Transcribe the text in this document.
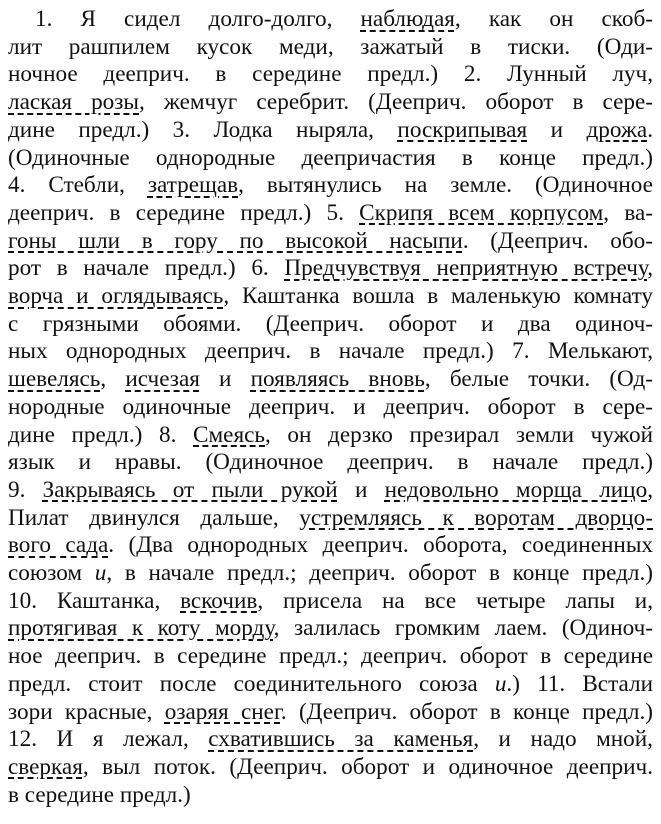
1. Я сидел долго-долго, наблюдая, как он скоб-

лит рашпилем кусок меди, зажатый в тиски. (Оди-

ночное дееприч. в середине предл.) 2. Лунный луч,

лаская розы, жемчуг серебрит. (Дееприч. оборот в сере-

дине предл.) 3. Лодка ныряла, поскрипывая и дрожа.

(Одиночные однородные деепричастия в конце предл.)

4. Стебли, затрещав, вытянулись на земле. (Одиночное

дееприч. в середине предл.) 5. Скрипя всем корпусом, ва-

гоны шли в гору по высокой насыпи. (Дееприч. обо-

рот в начале предл.) 6. Предчувствуя неприятную встречу,

ворча и оглядываясь, Каштанка вошла в маленькую комнату

с грязными обоями. (Дееприч. оборот и два одиноч-

ных однородных дееприч. в начале предл.) 7. Мелькают,

шевелясь, исчезая и появляясь вновь, белые точки. (Од-

нородные одиночные дееприч. и дееприч. оборот в сере-

дине предл.) 8. Смеясь, он дерзко презирал земли чужой

язык и нравы. (Одиночное дееприч. в начале предл.)

9. Закрываясь от пыли рукой и недовольно морща лицо,

Пилат двинулся дальше, устремляясь к воротам дворцо-

вого сада. (Два однородных дееприч. оборота, соединенных

союзом и, в начале предл.; дееприч. оборот в конце предл.)

10. Каштанка, вскочив, присела на все четыре лапы и,

протягивая к коту морду, залилась громким лаем. (Одиноч-

ное дееприч. в середине предл.; дееприч. оборот в середине

предл. стоит после соединительного союза и.) 11. Встали

зори красные, озаряя снег. (Дееприч. оборот в конце предл.)

12. И я лежал, схватившись за каменья, и надо мной,

сверкая, выл поток. (Дееприч. оборот и одиночное дееприч.

в середине предл.)
